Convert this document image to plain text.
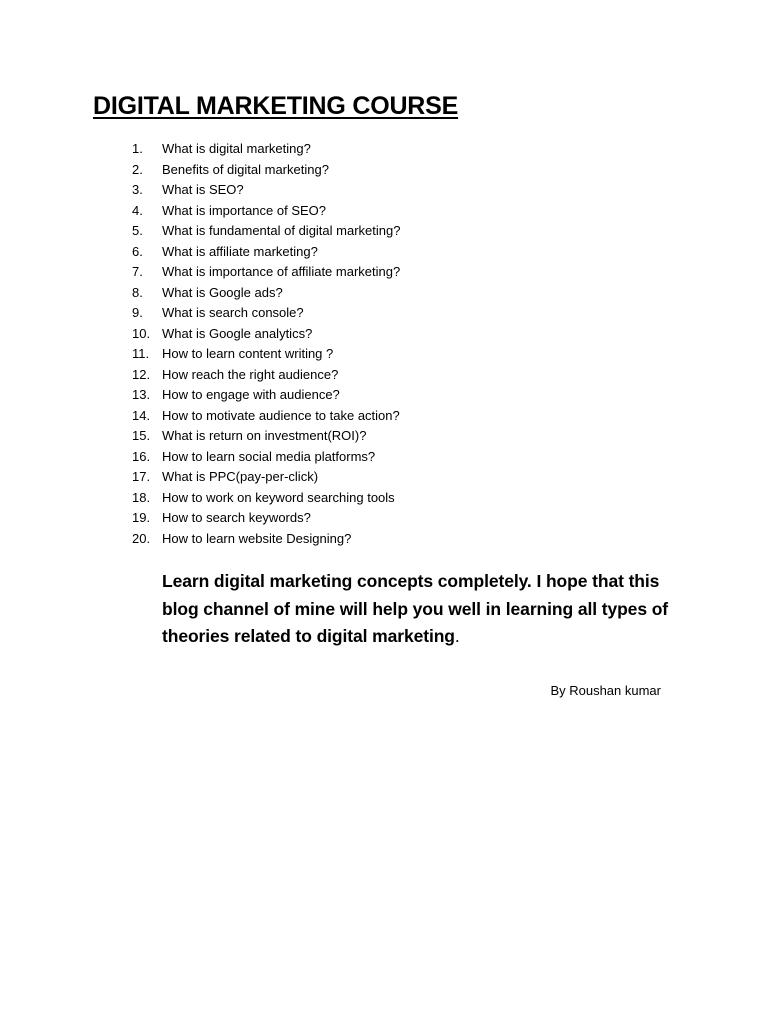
DIGITAL MARKETING COURSE
1.	What is digital marketing?
2.	Benefits of digital marketing?
3.	What is SEO?
4.	What is importance of SEO?
5.	What is fundamental of digital marketing?
6.	What is affiliate marketing?
7.	What is importance of affiliate marketing?
8.	What is Google ads?
9.	What is search console?
10. What is Google analytics?
11. How to learn content writing ?
12. How reach the right audience?
13. How to engage with audience?
14. How to motivate audience to take action?
15. What is return on investment(ROI)?
16. How to learn social media platforms?
17. What is PPC(pay-per-click)
18. How to work on keyword searching tools
19. How to search keywords?
20. How to learn website Designing?

Learn digital marketing concepts completely. I hope that this blog channel of mine will help you well in learning all types of theories related to digital marketing.

By Roushan kumar
